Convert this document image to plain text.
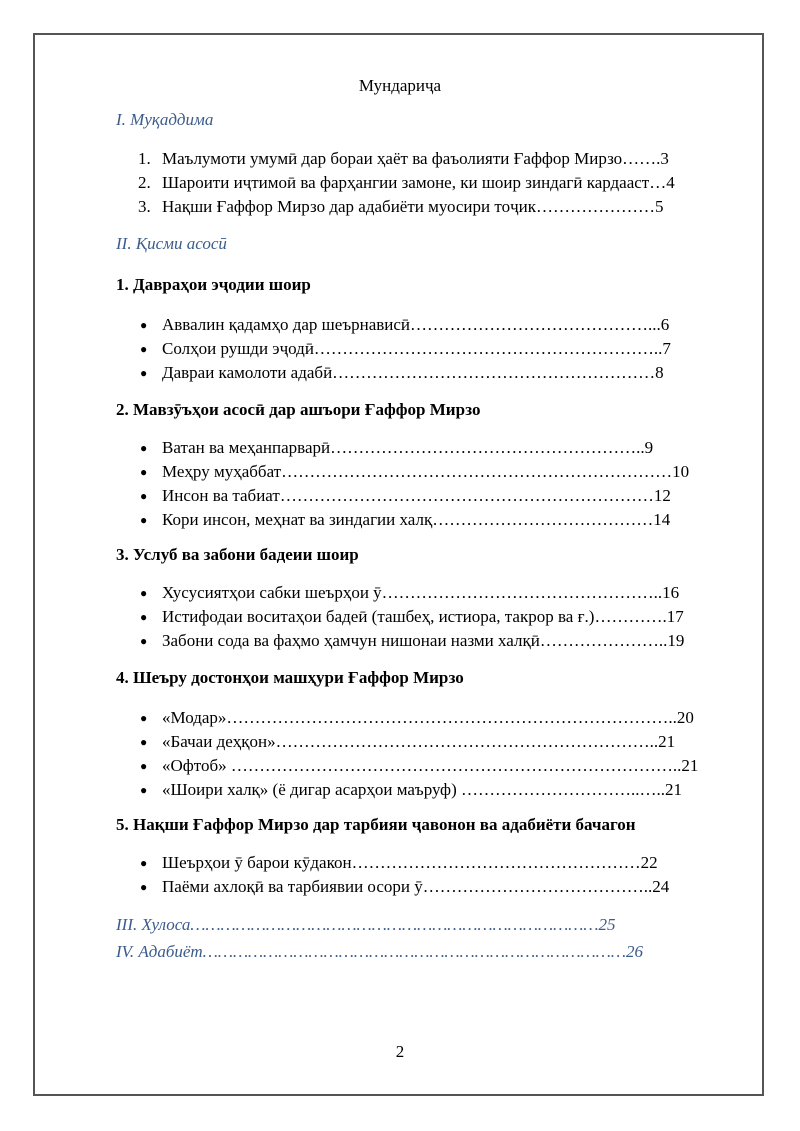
Мундариҷа
I. Муқаддима
1. Маълумоти умумӣ дар бораи ҳаёт ва фаъолияти Ғаффор Мирзо…….3
2. Шароити иҷтимоӣ ва фарҳангии замоне, ки шоир зиндагӣ кардааст…4
3. Нақши Ғаффор Мирзо дар адабиёти муосири тоҷик…………………5
II. Қисми асосӣ
1. Давраҳои эҷодии шоир
● Аввалин қадамҳо дар шеърнависӣ……………………………………...6
● Солҳои рушди эҷодӣ……………………………………………………..7
● Давраи камолоти адабӣ…………………………………………………8
2. Мавзӯъҳои асосӣ дар ашъори Ғаффор Мирзо
● Ватан ва меҳанпарварӣ………………………………………………..9
● Меҳру муҳаббат……………………………………………………………10
● Инсон ва табиат…………………………………………………………12
● Кори инсон, меҳнат ва зиндагии халқ…………………………………14
3. Услуб ва забони бадеии шоир
● Хусусиятҳои сабки шеърҳои ӯ…………………………………………..16
● Истифодаи воситаҳои бадеӣ (ташбеҳ, истиора, такрор ва ғ.)………….17
● Забони сода ва фаҳмо ҳамчун нишонаи назми халқӣ…………………..19
4. Шеъру достонҳои машҳури Ғаффор Мирзо
● «Модар»……………………………………………………………………..20
● «Бачаи деҳқон»…………………………………………………………..21
● «Офтоб» ……………………………………………………………………..21
● «Шоири халқ» (ё дигар асарҳои маъруф) …………………………..…..21
5. Нақши Ғаффор Мирзо дар тарбияи ҷавонон ва адабиёти бачагон
● Шеърҳои ӯ барои кӯдакон……………………………………………22
● Паёми ахлоқӣ ва тарбиявии осори ӯ…………………………………..24
III. Хулоса………………………………………………………………………25
IV. Адабиёт…………………………………………………………………………26
2
